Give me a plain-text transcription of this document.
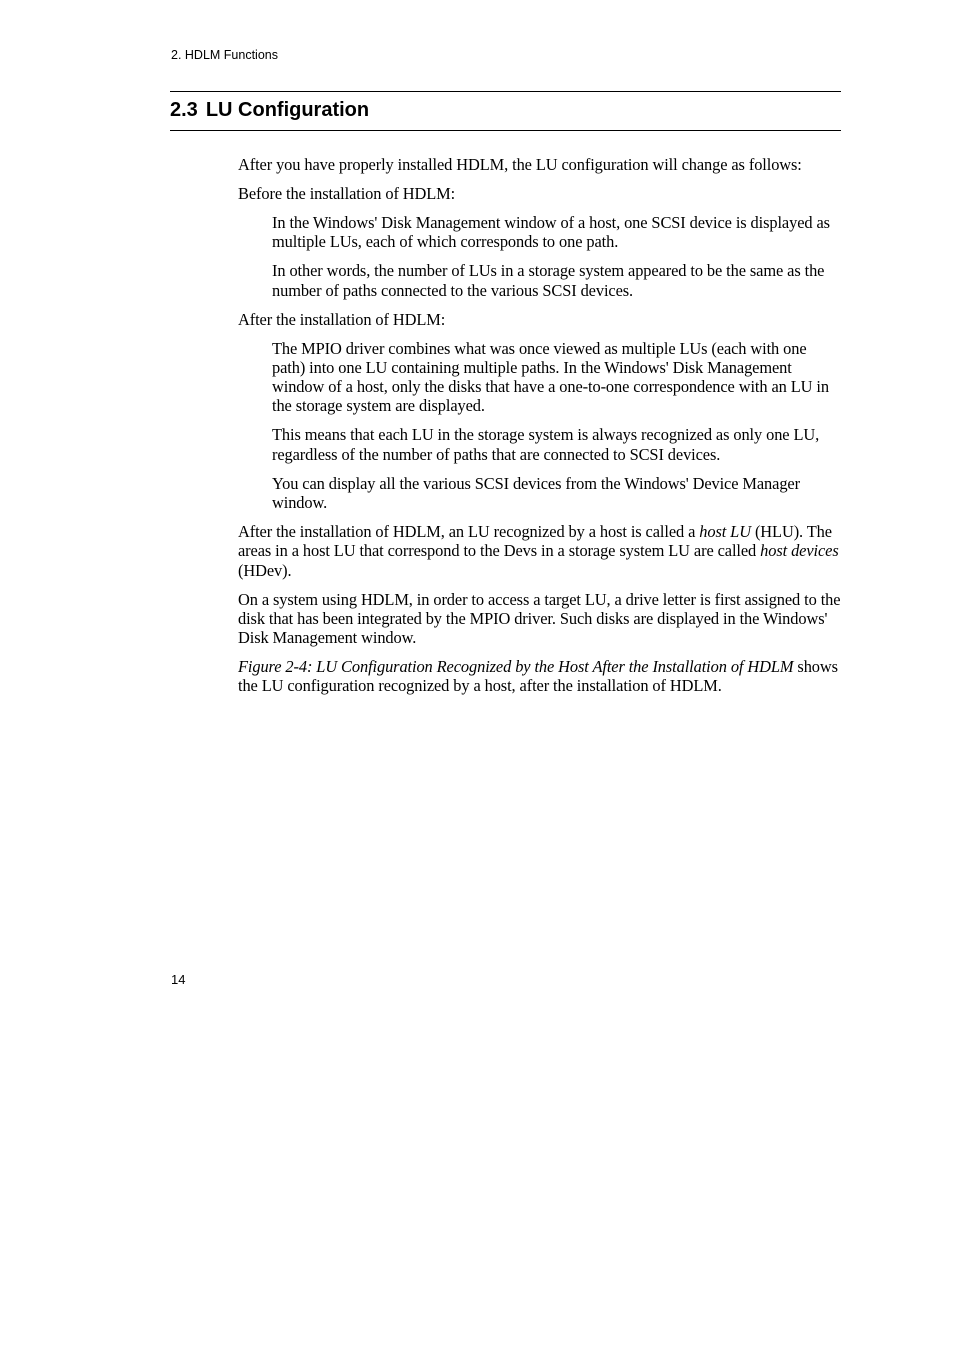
2. HDLM Functions
2.3 LU Configuration

After you have properly installed HDLM, the LU configuration will change as follows:

Before the installation of HDLM:

In the Windows' Disk Management window of a host, one SCSI device is displayed as multiple LUs, each of which corresponds to one path.

In other words, the number of LUs in a storage system appeared to be the same as the number of paths connected to the various SCSI devices.

After the installation of HDLM:

The MPIO driver combines what was once viewed as multiple LUs (each with one path) into one LU containing multiple paths. In the Windows' Disk Management window of a host, only the disks that have a one-to-one correspondence with an LU in the storage system are displayed.

This means that each LU in the storage system is always recognized as only one LU, regardless of the number of paths that are connected to SCSI devices.

You can display all the various SCSI devices from the Windows' Device Manager window.

After the installation of HDLM, an LU recognized by a host is called a host LU (HLU). The areas in a host LU that correspond to the Devs in a storage system LU are called host devices (HDev).

On a system using HDLM, in order to access a target LU, a drive letter is first assigned to the disk that has been integrated by the MPIO driver. Such disks are displayed in the Windows' Disk Management window.

Figure 2-4: LU Configuration Recognized by the Host After the Installation of HDLM shows the LU configuration recognized by a host, after the installation of HDLM.

14
